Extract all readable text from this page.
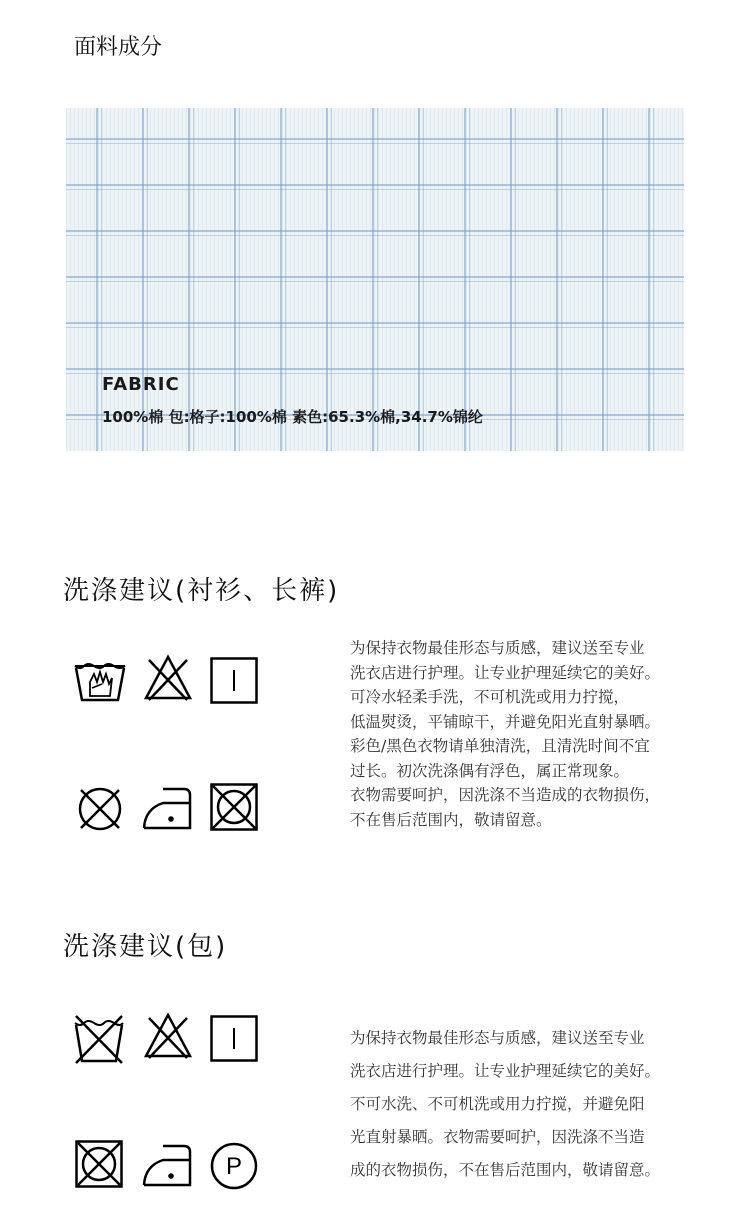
面料成分
FABRIC
100%棉 包:格子:100%棉 素色:65.3%棉,34.7%锦纶
洗涤建议(衬衫、长裤)
为保持衣物最佳形态与质感，建议送至专业
洗衣店进行护理。让专业护理延续它的美好。
可冷水轻柔手洗，不可机洗或用力拧搅，
低温熨烫，平铺晾干，并避免阳光直射暴晒。
彩色/黑色衣物请单独清洗，且清洗时间不宜
过长。初次洗涤偶有浮色，属正常现象。
衣物需要呵护，因洗涤不当造成的衣物损伤，
不在售后范围内，敬请留意。
洗涤建议(包)
P
为保持衣物最佳形态与质感，建议送至专业
洗衣店进行护理。让专业护理延续它的美好。
不可水洗、不可机洗或用力拧搅，并避免阳
光直射暴晒。衣物需要呵护，因洗涤不当造
成的衣物损伤，不在售后范围内，敬请留意。
